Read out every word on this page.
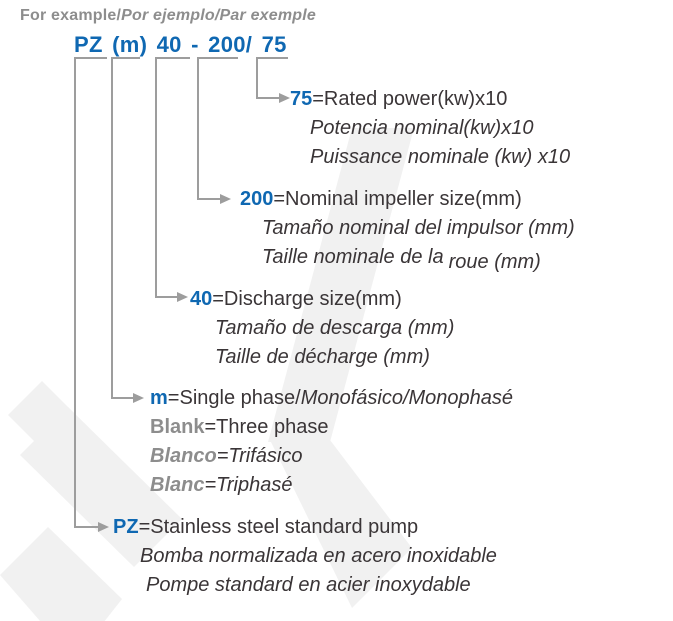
For example/Por ejemplo/Par exemple
PZ (m) 40 - 200/ 75
75=Rated power(kw)x10
Potencia nominal(kw)x10
Puissance nominale (kw) x10
200=Nominal impeller size(mm)
Tamaño nominal del impulsor (mm)
Taille nominale de la roue (mm)
40=Discharge size(mm)
Tamaño de descarga (mm)
Taille de décharge (mm)
m=Single phase/Monofásico/Monophasé
Blank=Three phase
Blanco=Trifásico
Blanc=Triphasé
PZ=Stainless steel standard pump
Bomba normalizada en acero inoxidable
Pompe standard en acier inoxydable
